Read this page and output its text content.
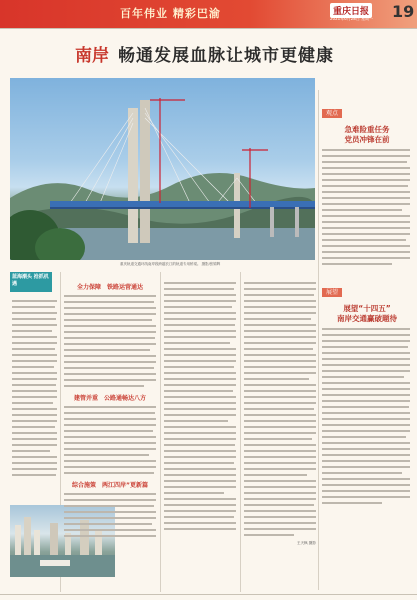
百年伟业 精彩巴渝	重庆日报
2021年6月28日 星期一	19
南岸 畅通发展血脉让城市更健康
重庆轨道交通环线南岸段跨越长江的轨道专用桥梁。 摄影/张锦辉
蓝海潮头 抢抓机遇	全力保障　铁路运营通达
建管并重　公路通畅达八方
综合施策　两江四岸”更新篇
王天枫 摄影
观点
急难险重任务
党员冲锋在前
展望
展望“十四五”
南岸交通赢破题待
